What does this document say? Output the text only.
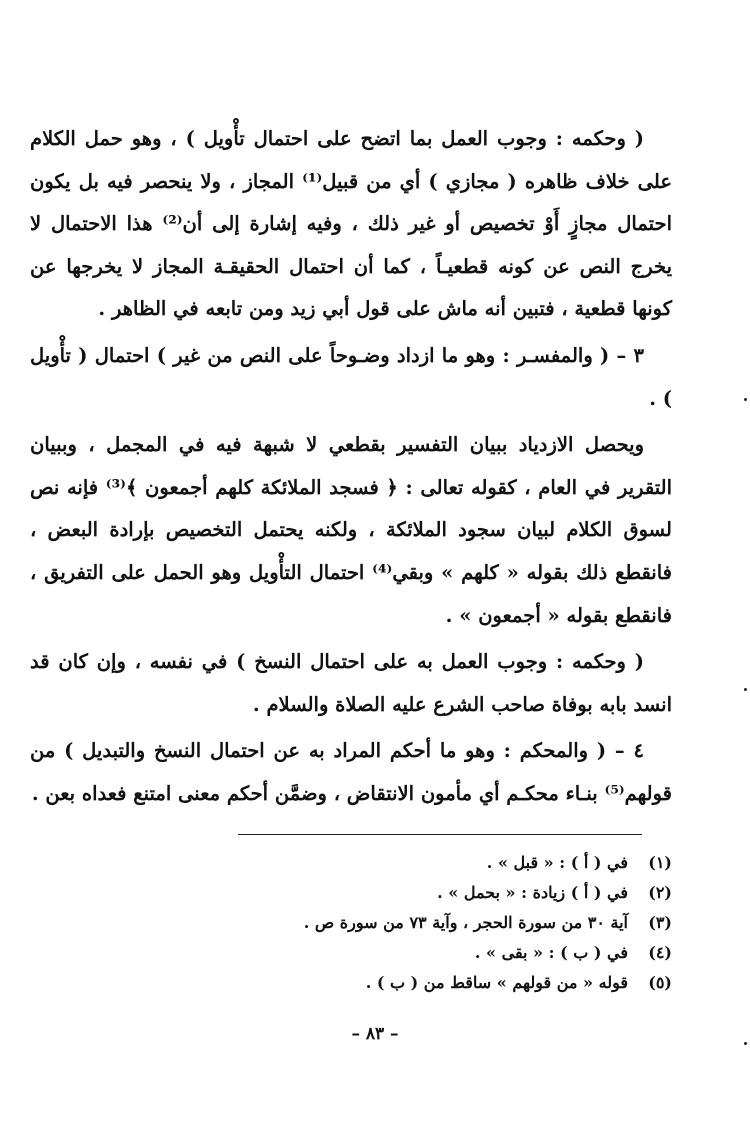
( وحكمه : وجوب العمل بما اتضح على احتمال تأْويل ) ، وهو حمل الكلام على خلاف ظاهره ( مجازي ) أي من قبيل⁽¹⁾ المجاز ، ولا ينحصر فيه بل يكون احتمال مجازٍ أَوْ تخصيص أو غير ذلك ، وفيه إشارة إلى أن⁽²⁾ هذا الاحتمال لا يخرج النص عن كونه قطعيـاً ، كما أن احتمال الحقيقـة المجاز لا يخرجها عن كونها قطعية ، فتبين أنه ماش على قول أبي زيد ومن تابعه في الظاهر .

٣ – ( والمفسـر : وهو ما ازداد وضـوحاً على النص من غير ) احتمال ( تأْويل ) .

ويحصل الازدياد ببيان التفسير بقطعي لا شبهة فيه في المجمل ، وببيان التقرير في العام ، كقوله تعالى : ﴿ فسجد الملائكة كلهم أجمعون ﴾⁽³⁾ فإنه نص لسوق الكلام لبيان سجود الملائكة ، ولكنه يحتمل التخصيص بإرادة البعض ، فانقطع ذلك بقوله « كلهم » وبقي⁽⁴⁾ احتمال التأْويل وهو الحمل على التفريق ، فانقطع بقوله « أجمعون » .

( وحكمه : وجوب العمل به على احتمال النسخ ) في نفسه ، وإن كان قد انسد بابه بوفاة صاحب الشرع عليه الصلاة والسلام .

٤ – ( والمحكم : وهو ما أحكم المراد به عن احتمال النسخ والتبديل ) من قولهم⁽⁵⁾ بنـاء محكـم أي مأمون الانتقاض ، وضمَّن أحكم معنى امتنع فعداه بعن .

(١)
في ( أ ) : « قبل » .
(٢)
في ( أ ) زيادة : « بحمل » .
(٣)
آية ٣٠ من سورة الحجر ، وآية ٧٣ من سورة ص .
(٤)
في ( ب ) : « بقى » .
(٥)
قوله « من قولهم » ساقط من ( ب ) .
– ٨٣ –
